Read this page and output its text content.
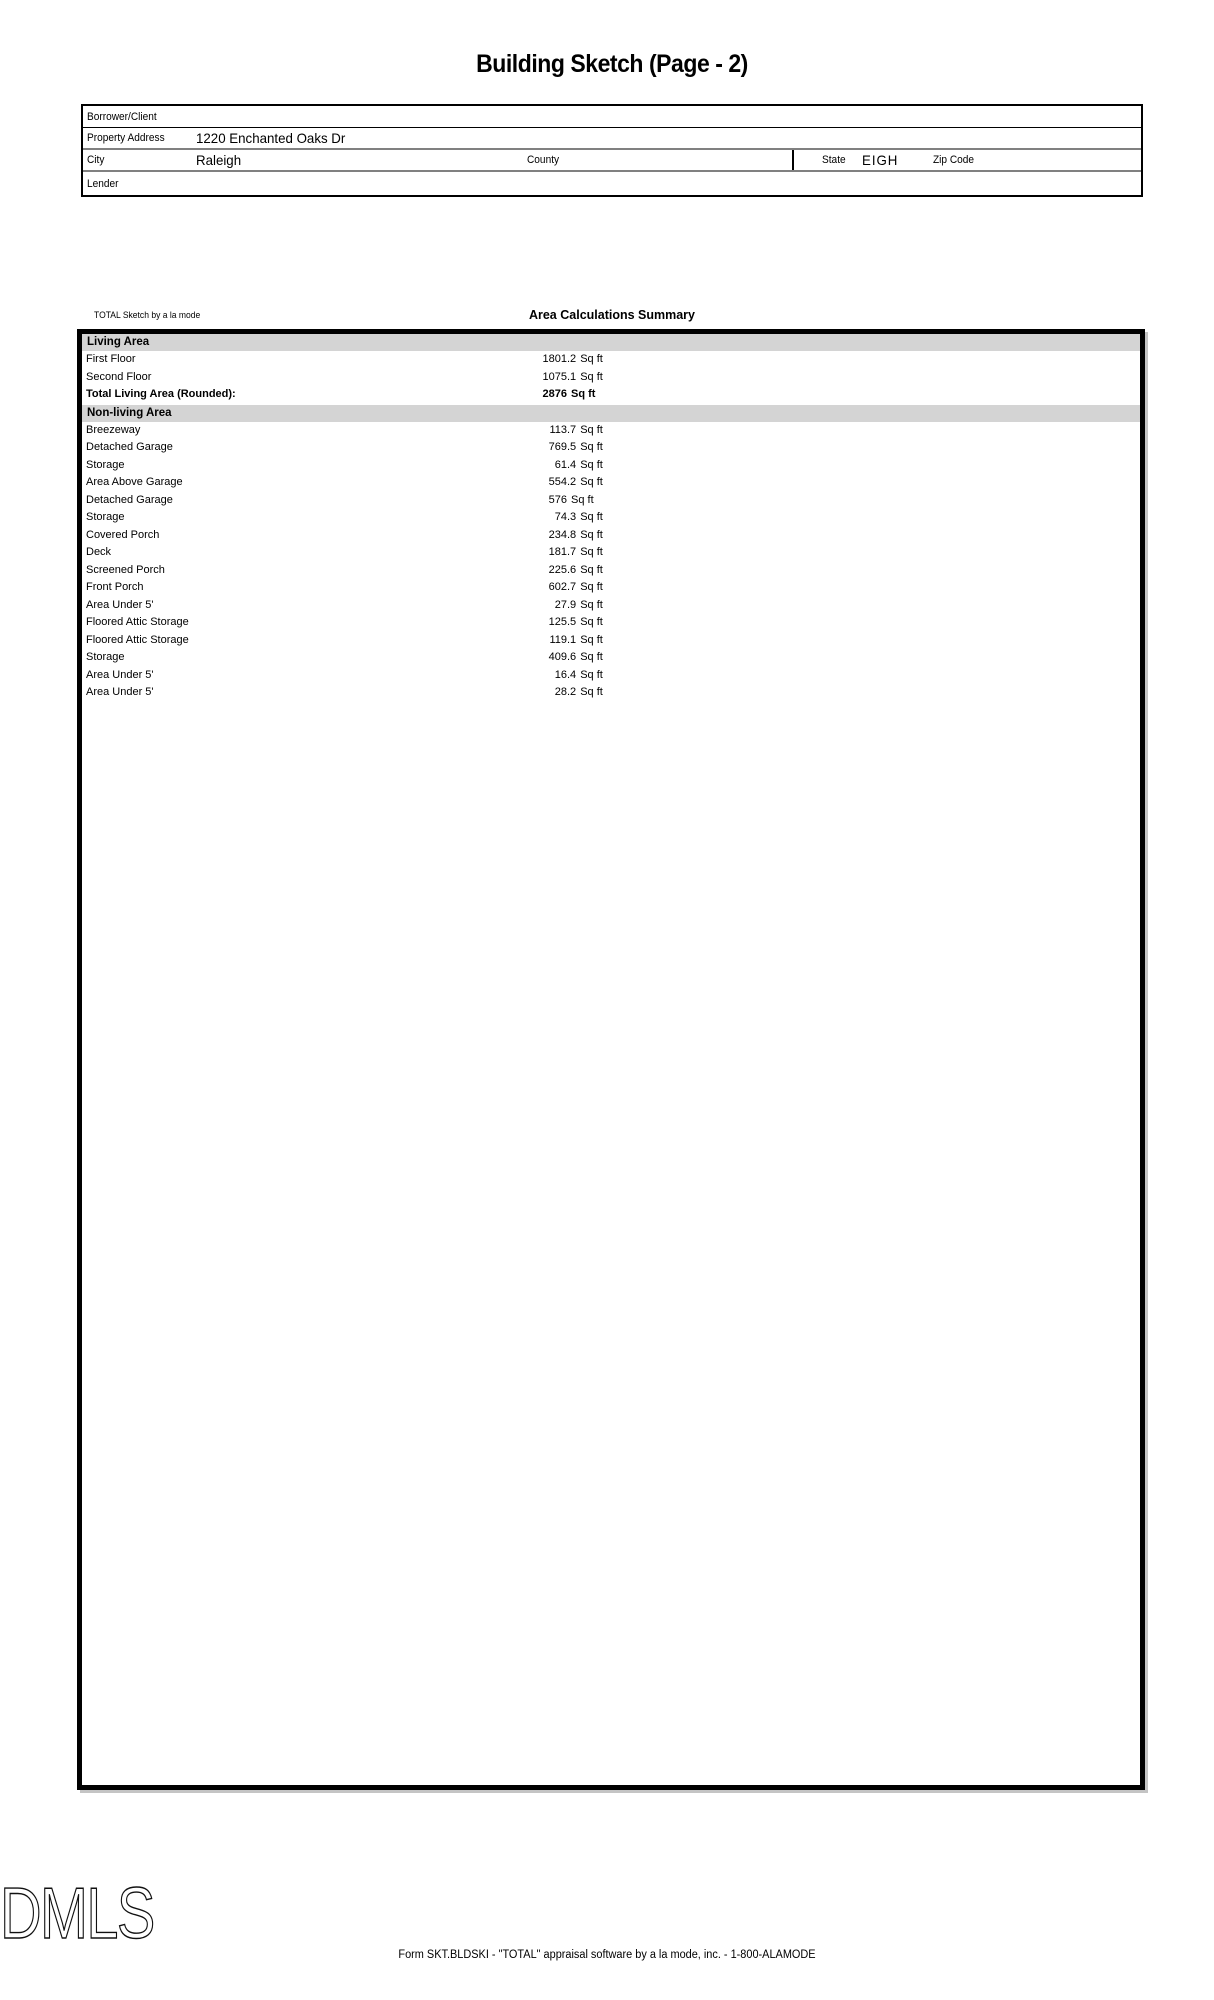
Building Sketch (Page - 2)
Borrower/Client
Property Address 1220 Enchanted Oaks Dr
City	Raleigh	County	State EIGH	Zip Code
Lender
TOTAL Sketch by a la mode	Area Calculations Summary
Living Area
First Floor	1801.2 Sq ft
Second Floor	1075.1 Sq ft
Total Living Area (Rounded):	2876 Sq ft
Non-living Area
Breezeway	113.7 Sq ft
Detached Garage	769.5 Sq ft
Storage	61.4 Sq ft
Area Above Garage	554.2 Sq ft
Detached Garage	576 Sq ft
Storage	74.3 Sq ft
Covered Porch	234.8 Sq ft
Deck	181.7 Sq ft
Screened Porch	225.6 Sq ft
Front Porch	602.7 Sq ft
Area Under 5'	27.9 Sq ft
Floored Attic Storage	125.5 Sq ft
Floored Attic Storage	119.1 Sq ft
Storage	409.6 Sq ft
Area Under 5'	16.4 Sq ft
Area Under 5'	28.2 Sq ft
DMLS
Form SKT.BLDSKI - "TOTAL" appraisal software by a la mode, inc. - 1-800-ALAMODE
